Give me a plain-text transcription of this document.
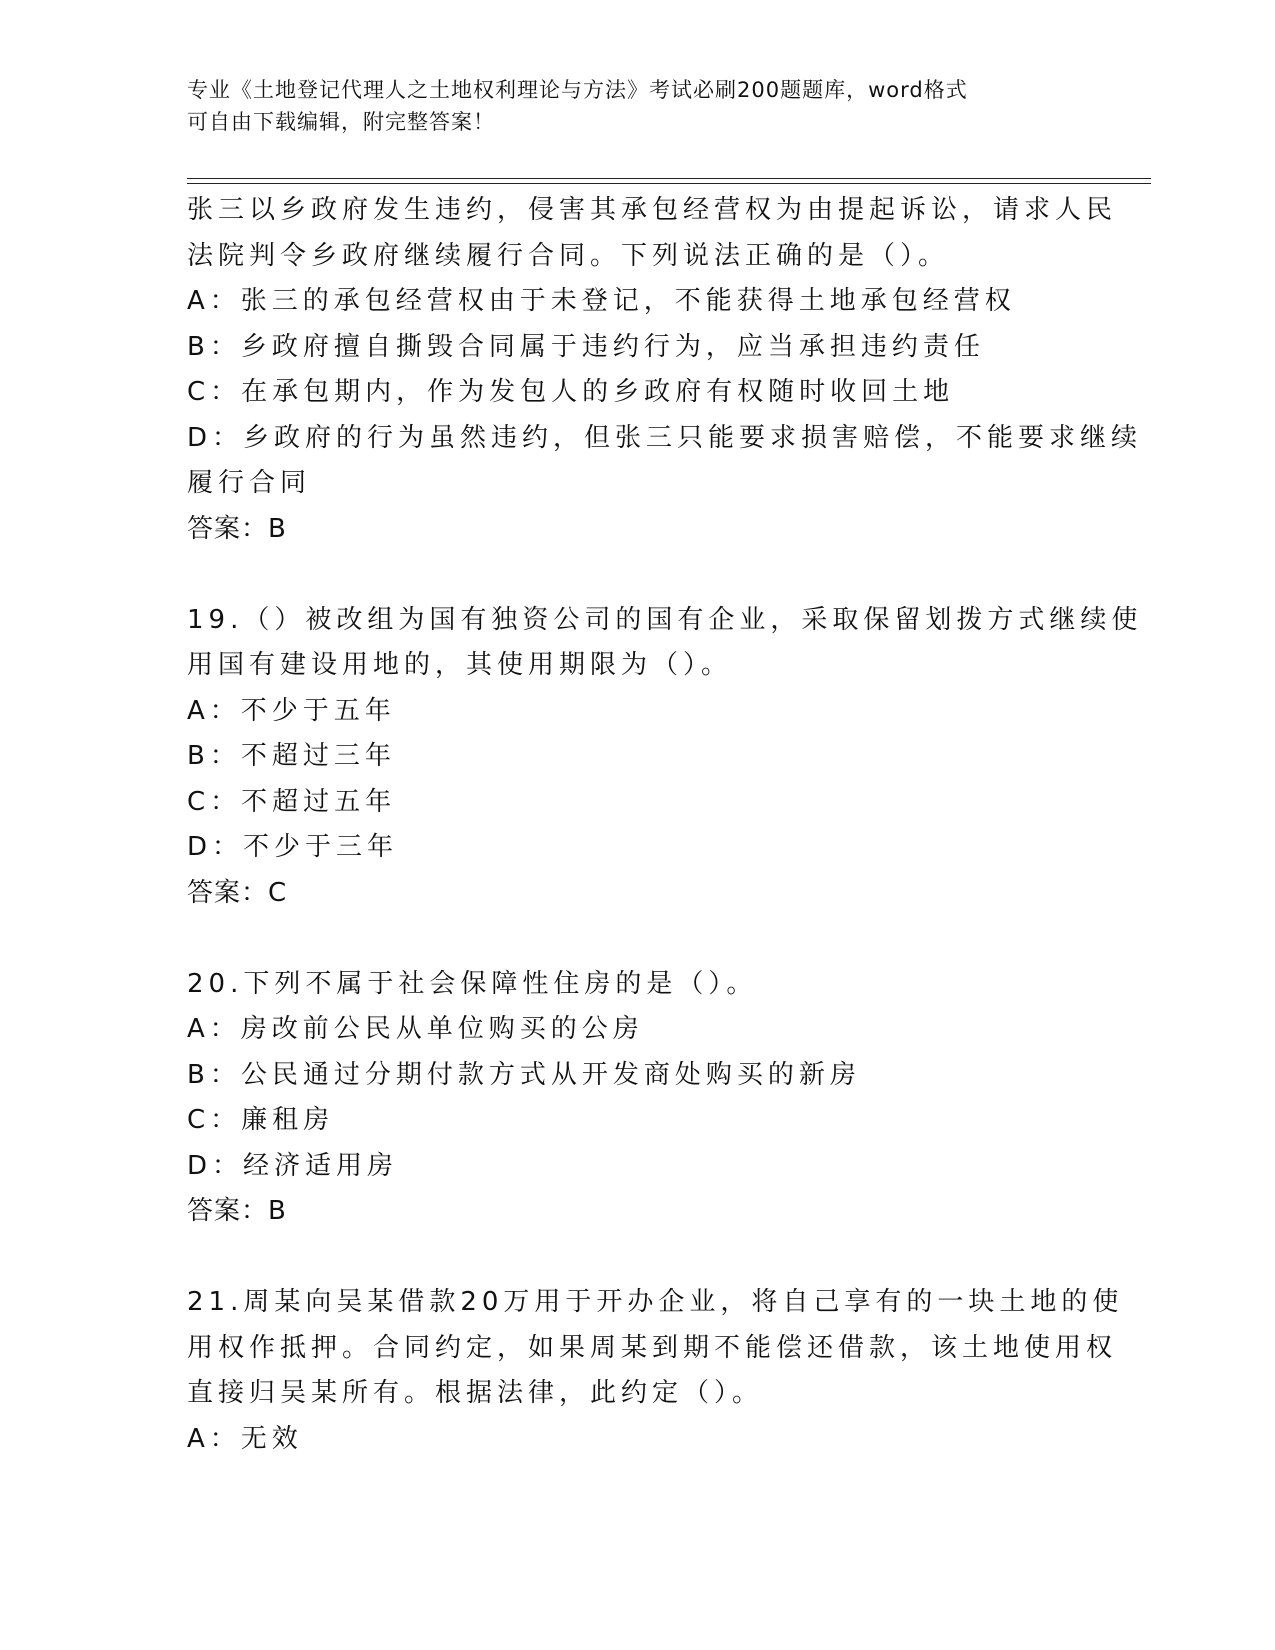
专业《土地登记代理人之土地权利理论与方法》考试必刷200题题库，word格式
可自由下载编辑，附完整答案！
张三以乡政府发生违约，侵害其承包经营权为由提起诉讼，请求人民
法院判令乡政府继续履行合同。下列说法正确的是（）。
A：张三的承包经营权由于未登记，不能获得土地承包经营权
B：乡政府擅自撕毁合同属于违约行为，应当承担违约责任
C：在承包期内，作为发包人的乡政府有权随时收回土地
D：乡政府的行为虽然违约，但张三只能要求损害赔偿，不能要求继续
履行合同
答案：B
19.（）被改组为国有独资公司的国有企业，采取保留划拨方式继续使
用国有建设用地的，其使用期限为（）。
A：不少于五年
B：不超过三年
C：不超过五年
D：不少于三年
答案：C
20.下列不属于社会保障性住房的是（）。
A：房改前公民从单位购买的公房
B：公民通过分期付款方式从开发商处购买的新房
C：廉租房
D：经济适用房
答案：B
21.周某向吴某借款20万用于开办企业，将自己享有的一块土地的使
用权作抵押。合同约定，如果周某到期不能偿还借款，该土地使用权
直接归吴某所有。根据法律，此约定（）。
A：无效
